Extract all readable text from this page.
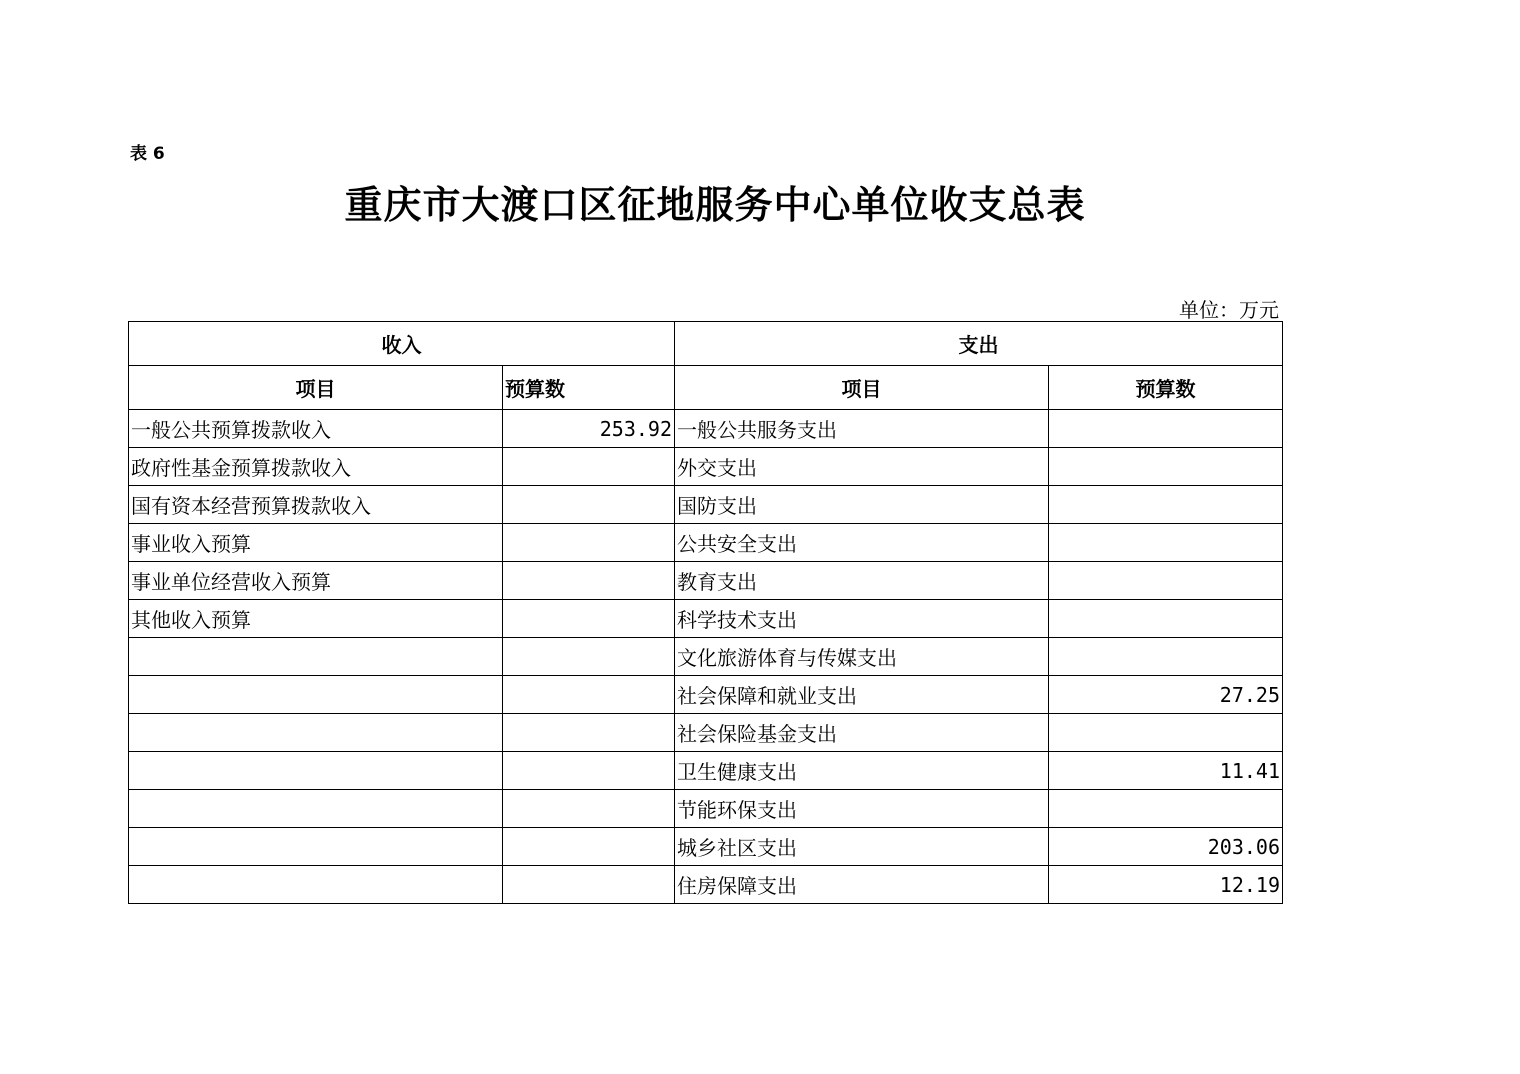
表 6
重庆市大渡口区征地服务中心单位收支总表
单位：万元
收入		支出	
项目	预算数	项目	预算数
一般公共预算拨款收入	253.92	一般公共服务支出	
政府性基金预算拨款收入		外交支出	
国有资本经营预算拨款收入		国防支出	
事业收入预算		公共安全支出	
事业单位经营收入预算		教育支出	
其他收入预算		科学技术支出	
		文化旅游体育与传媒支出	
		社会保障和就业支出	27.25
		社会保险基金支出	
		卫生健康支出	11.41
		节能环保支出	
		城乡社区支出	203.06
		住房保障支出	12.19
